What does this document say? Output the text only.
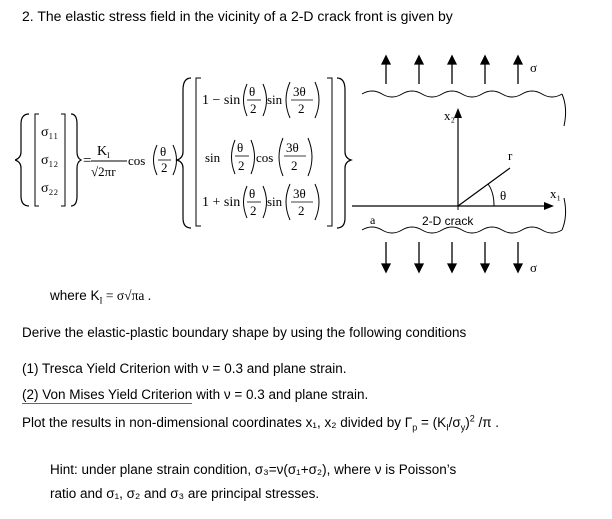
2. The elastic stress field in the vicinity of a 2-D crack front is given by
σ₁₁
σ₁₂
σ₂₂
=
K I
√2πr
cos
θ
2
1 − sin
θ
2
sin
3θ
2
sin
θ
2
cos
3θ
2
1 + sin
θ
2
sin
3θ
2
σ
x₂
r
θ	x₁
a	2-D crack
σ
where $K_I = \sigma√\pi a$ .
Derive the elastic-plastic boundary shape by using the following conditions
(1) Tresca Yield Criterion with ν = 0.3 and plane strain.
(2) Von Mises Yield Criterion with ν = 0.3 and plane strain.
Plot the results in non-dimensional coordinates x₁, x₂ divided by $\Gamma_p = (K_I/\sigma_y)^2$ /π .
Hint: under plane strain condition, σ₃=ν(σ₁+σ₂), where ν is Poisson’s
ratio and σ₁, σ₂ and σ₃ are principal stresses.
